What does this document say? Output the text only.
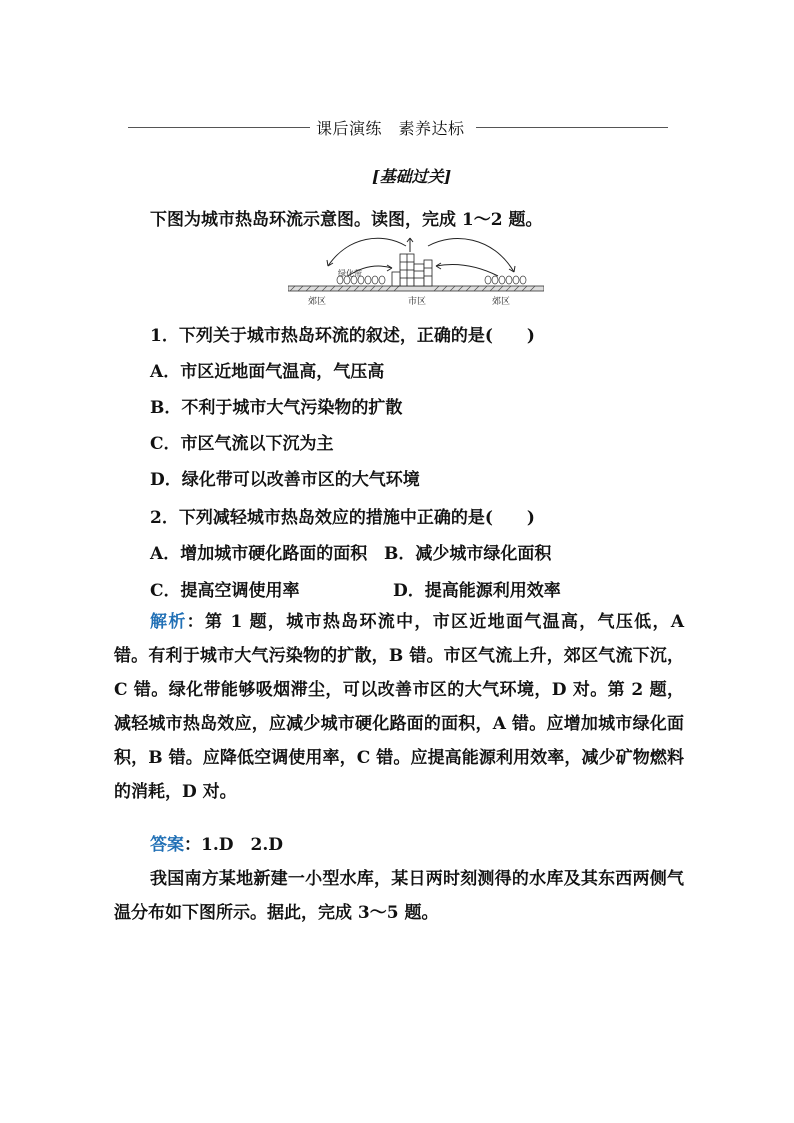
课后演练　素养达标
[基础过关]
下图为城市热岛环流示意图。读图，完成 1～2 题。
绿化带
郊区	市区	郊区
1．下列关于城市热岛环流的叙述，正确的是(　　)
A．市区近地面气温高，气压高
B．不利于城市大气污染物的扩散
C．市区气流以下沉为主
D．绿化带可以改善市区的大气环境
2．下列减轻城市热岛效应的措施中正确的是(　　)
A．增加城市硬化路面的面积 B．减少城市绿化面积
C．提高空调使用率	D．提高能源利用效率
解析：第 1 题，城市热岛环流中，市区近地面气温高，气压低，A 错。有利于城市大气污染物的扩散，B 错。市区气流上升，郊区气流下沉，C 错。绿化带能够吸烟滞尘，可以改善市区的大气环境，D 对。第 2 题，减轻城市热岛效应，应减少城市硬化路面的面积，A 错。应增加城市绿化面积，B 错。应降低空调使用率，C 错。应提高能源利用效率，减少矿物燃料的消耗，D 对。
答案：1.D　2.D
我国南方某地新建一小型水库，某日两时刻测得的水库及其东西两侧气温分布如下图所示。据此，完成 3～5 题。
